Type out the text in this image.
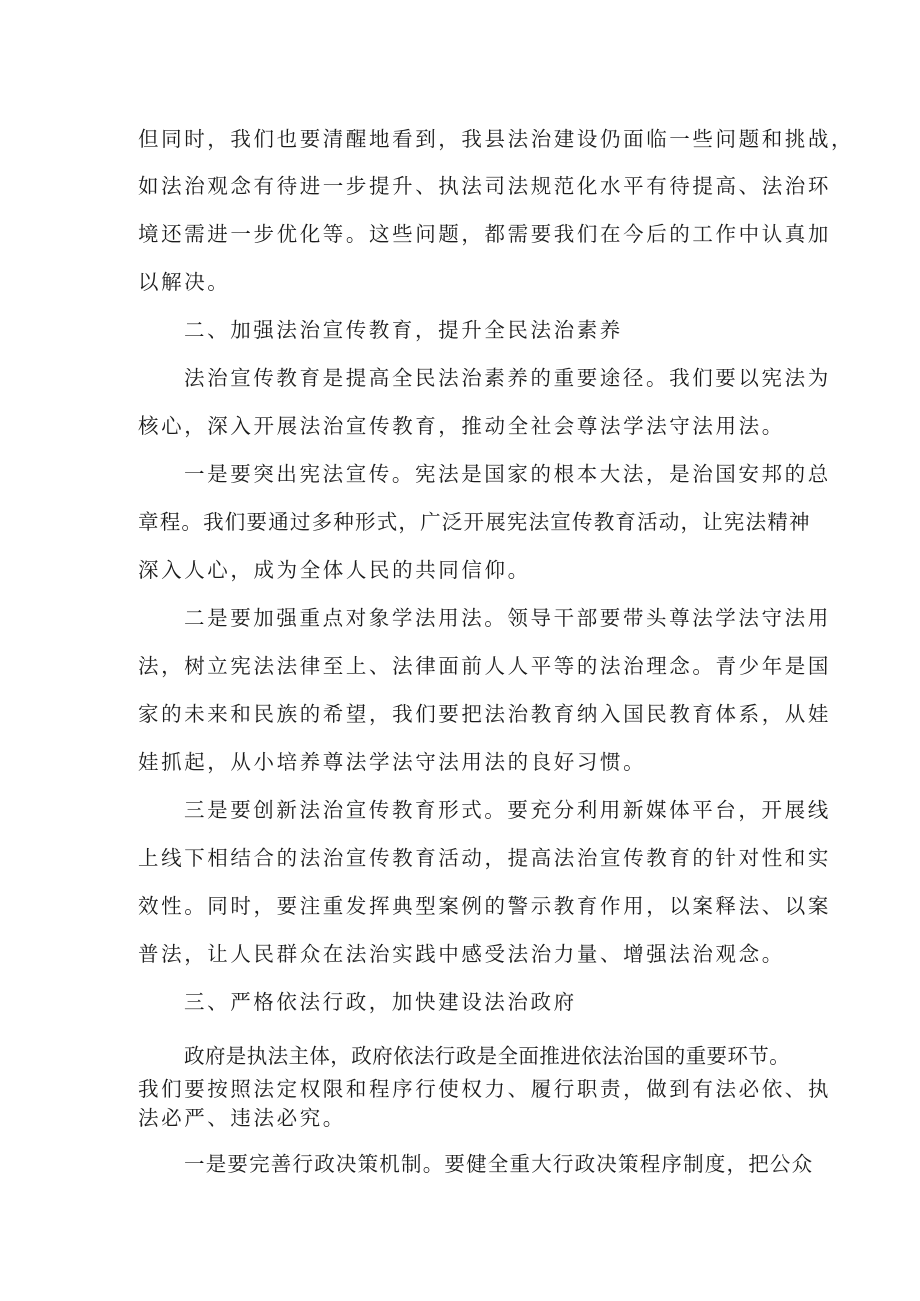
但同时，我们也要清醒地看到，我县法治建设仍面临一些问题和挑战，
如法治观念有待进一步提升、执法司法规范化水平有待提高、法治环
境还需进一步优化等。这些问题，都需要我们在今后的工作中认真加
以解决。
二、加强法治宣传教育，提升全民法治素养
法治宣传教育是提高全民法治素养的重要途径。我们要以宪法为
核心，深入开展法治宣传教育，推动全社会尊法学法守法用法。
一是要突出宪法宣传。宪法是国家的根本大法，是治国安邦的总
章程。我们要通过多种形式，广泛开展宪法宣传教育活动，让宪法精神
深入人心，成为全体人民的共同信仰。
二是要加强重点对象学法用法。领导干部要带头尊法学法守法用
法，树立宪法法律至上、法律面前人人平等的法治理念。青少年是国
家的未来和民族的希望，我们要把法治教育纳入国民教育体系，从娃
娃抓起，从小培养尊法学法守法用法的良好习惯。
三是要创新法治宣传教育形式。要充分利用新媒体平台，开展线
上线下相结合的法治宣传教育活动，提高法治宣传教育的针对性和实
效性。同时，要注重发挥典型案例的警示教育作用，以案释法、以案
普法，让人民群众在法治实践中感受法治力量、增强法治观念。
三、严格依法行政，加快建设法治政府
政府是执法主体，政府依法行政是全面推进依法治国的重要环节。
我们要按照法定权限和程序行使权力、履行职责，做到有法必依、执
法必严、违法必究。
一是要完善行政决策机制。要健全重大行政决策程序制度，把公众
